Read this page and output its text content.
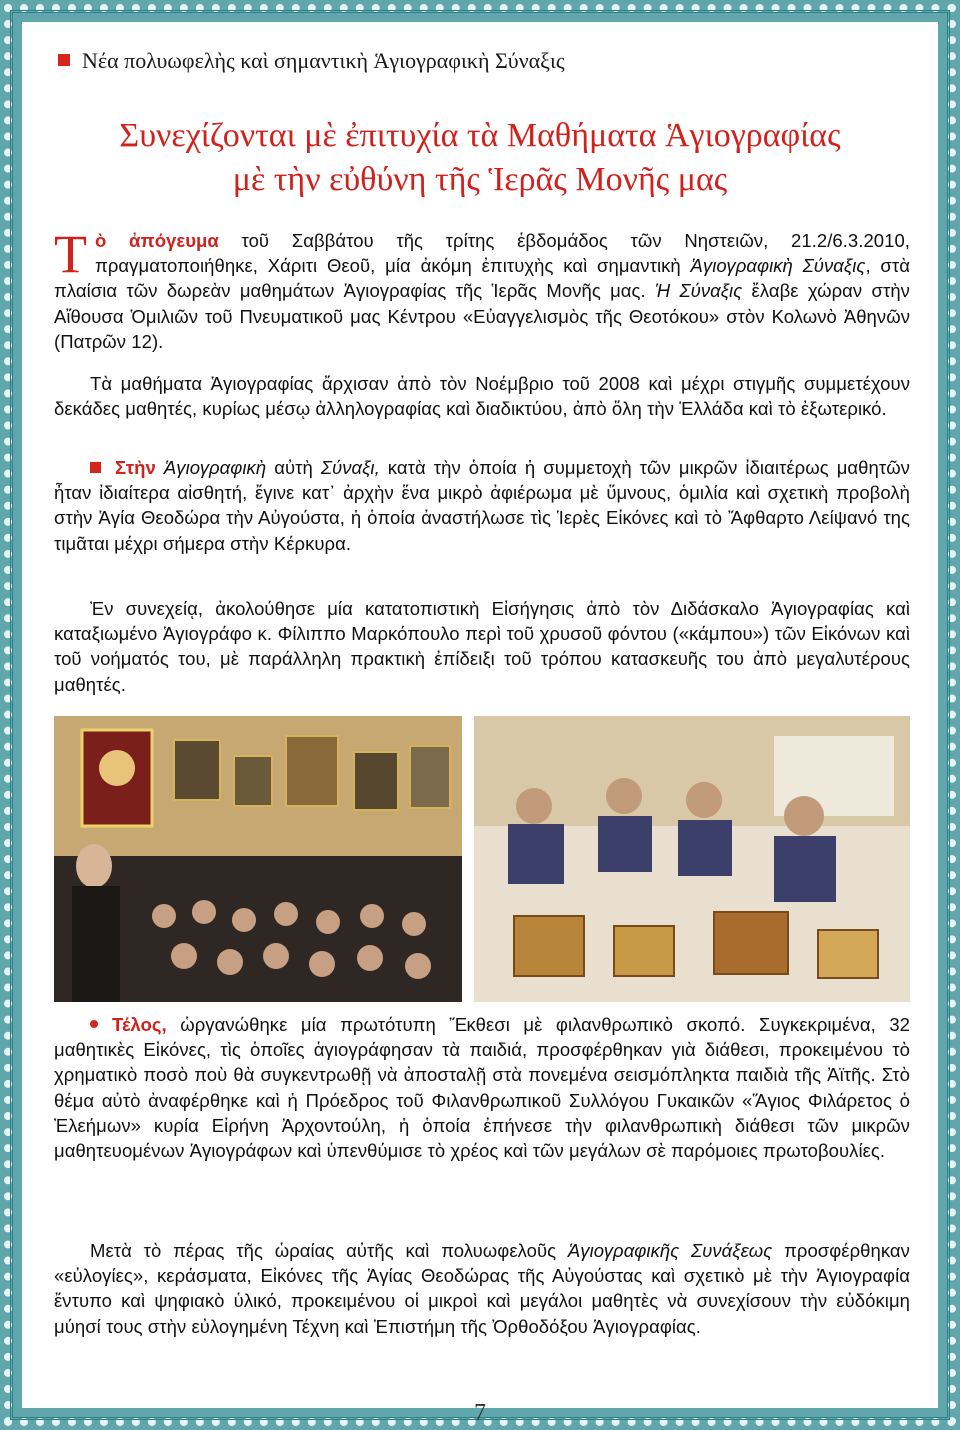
Νέα πολυωφελὴς καὶ σημαντικὴ Ἁγιογραφικὴ Σύναξις
Συνεχίζονται μὲ ἐπιτυχία τὰ Μαθήματα Ἁγιογραφίας
μὲ τὴν εὐθύνη τῆς Ἱερᾶς Μονῆς μας
Τὸ ἀπόγευμα τοῦ Σαββάτου τῆς τρίτης ἑβδομάδος τῶν Νηστειῶν, 21.2/6.3.2010, πραγματοποιήθηκε, Χάριτι Θεοῦ, μία ἀκόμη ἐπιτυχὴς καὶ σημαντικὴ Ἁγιογραφικὴ Σύναξις, στὰ πλαίσια τῶν δωρεὰν μαθημάτων Ἁγιογραφίας τῆς Ἱερᾶς Μονῆς μας. Ἡ Σύναξις ἔλαβε χώραν στὴν Αἴθουσα Ὁμιλιῶν τοῦ Πνευματικοῦ μας Κέντρου «Εὐαγγελισμὸς τῆς Θεοτόκου» στὸν Κολωνὸ Ἀθηνῶν (Πατρῶν 12).
Τὰ μαθήματα Ἁγιογραφίας ἄρχισαν ἀπὸ τὸν Νοέμβριο τοῦ 2008 καὶ μέχρι στιγμῆς συμμετέχουν δεκάδες μαθητές, κυρίως μέσῳ ἀλληλογραφίας καὶ διαδικτύου, ἀπὸ ὅλη τὴν Ἑλλάδα καὶ τὸ ἐξωτερικό.
Στὴν Ἁγιογραφικὴ αὐτὴ Σύναξι, κατὰ τὴν ὁποία ἡ συμμετοχὴ τῶν μικρῶν ἰδιαιτέρως μαθητῶν ἦταν ἰδιαίτερα αἰσθητή, ἔγινε κατ᾽ ἀρχὴν ἕνα μικρὸ ἀφιέρωμα μὲ ὕμνους, ὁμιλία καὶ σχετικὴ προβολὴ στὴν Ἁγία Θεοδώρα τὴν Αὐγούστα, ἡ ὁποία ἀναστήλωσε τὶς Ἱερὲς Εἰκόνες καὶ τὸ Ἄφθαρτο Λείψανό της τιμᾶται μέχρι σήμερα στὴν Κέρκυρα.
Ἐν συνεχείᾳ, ἀκολούθησε μία κατατοπιστικὴ Εἰσήγησις ἀπὸ τὸν Διδάσκαλο Ἁγιογραφίας καὶ καταξιωμένο Ἁγιογράφο κ. Φίλιππο Μαρκόπουλο περὶ τοῦ χρυσοῦ φόντου («κάμπου») τῶν Εἰκόνων καὶ τοῦ νοήματός του, μὲ παράλληλη πρακτικὴ ἐπίδειξι τοῦ τρόπου κατασκευῆς του ἀπὸ μεγαλυτέρους μαθητές.
Τέλος, ὡργανώθηκε μία πρωτότυπη Ἔκθεσι μὲ φιλανθρωπικὸ σκοπό. Συγκεκριμένα, 32 μαθητικὲς Εἰκόνες, τὶς ὁποῖες ἁγιογράφησαν τὰ παιδιά, προσφέρθηκαν γιὰ διάθεσι, προκειμένου τὸ χρηματικὸ ποσὸ ποὺ θὰ συγκεντρωθῇ νὰ ἀποσταλῇ στὰ πονεμένα σεισμόπληκτα παιδιὰ τῆς Ἀϊτῆς. Στὸ θέμα αὐτὸ ἀναφέρθηκε καὶ ἡ Πρόεδρος τοῦ Φιλανθρωπικοῦ Συλλόγου Γυκαικῶν «Ἅγιος Φιλάρετος ὁ Ἐλεήμων» κυρία Εἰρήνη Ἀρχοντούλη, ἡ ὁποία ἐπήνεσε τὴν φιλανθρωπικὴ διάθεσι τῶν μικρῶν μαθητευομένων Ἁγιογράφων καὶ ὑπενθύμισε τὸ χρέος καὶ τῶν μεγάλων σὲ παρόμοιες πρωτοβουλίες.
Μετὰ τὸ πέρας τῆς ὡραίας αὐτῆς καὶ πολυωφελοῦς Ἁγιογραφικῆς Συνάξεως προσφέρθηκαν «εὐλογίες», κεράσματα, Εἰκόνες τῆς Ἁγίας Θεοδώρας τῆς Αὐγούστας καὶ σχετικὸ μὲ τὴν Ἁγιογραφία ἔντυπο καὶ ψηφιακὸ ὑλικό, προκειμένου οἱ μικροὶ καὶ μεγάλοι μαθητὲς νὰ συνεχίσουν τὴν εὐδόκιμη μύησί τους στὴν εὐλογημένη Τέχνη καὶ Ἐπιστήμη τῆς Ὀρθοδόξου Ἁγιογραφίας.
7
